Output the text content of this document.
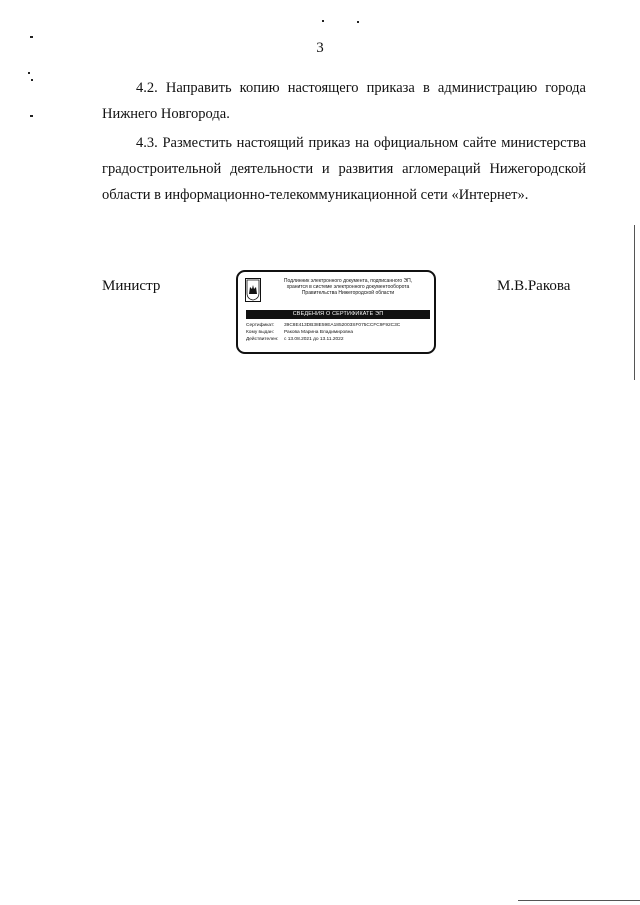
3

4.2. Направить копию настоящего приказа в администрацию города Нижнего Новгорода.

4.3. Разместить настоящий приказ на официальном сайте министерства градостроительной деятельности и развития агломераций Нижегородской области в информационно-телекоммуникационной сети «Интернет».

Министр	М.В.Ракова
Подлинник электронного документа, подписанного ЭП,
хранится в системе электронного документооборота
Правительства Нижегородской области
СВЕДЕНИЯ О СЕРТИФИКАТЕ ЭП
Сертификат: 39C8E413DB38E59EA1852003SF075CCFC9F92C3C
Кому выдан: Ракова Марина Владимировна
Действителен: с 13.08.2021 до 13.11.2022
